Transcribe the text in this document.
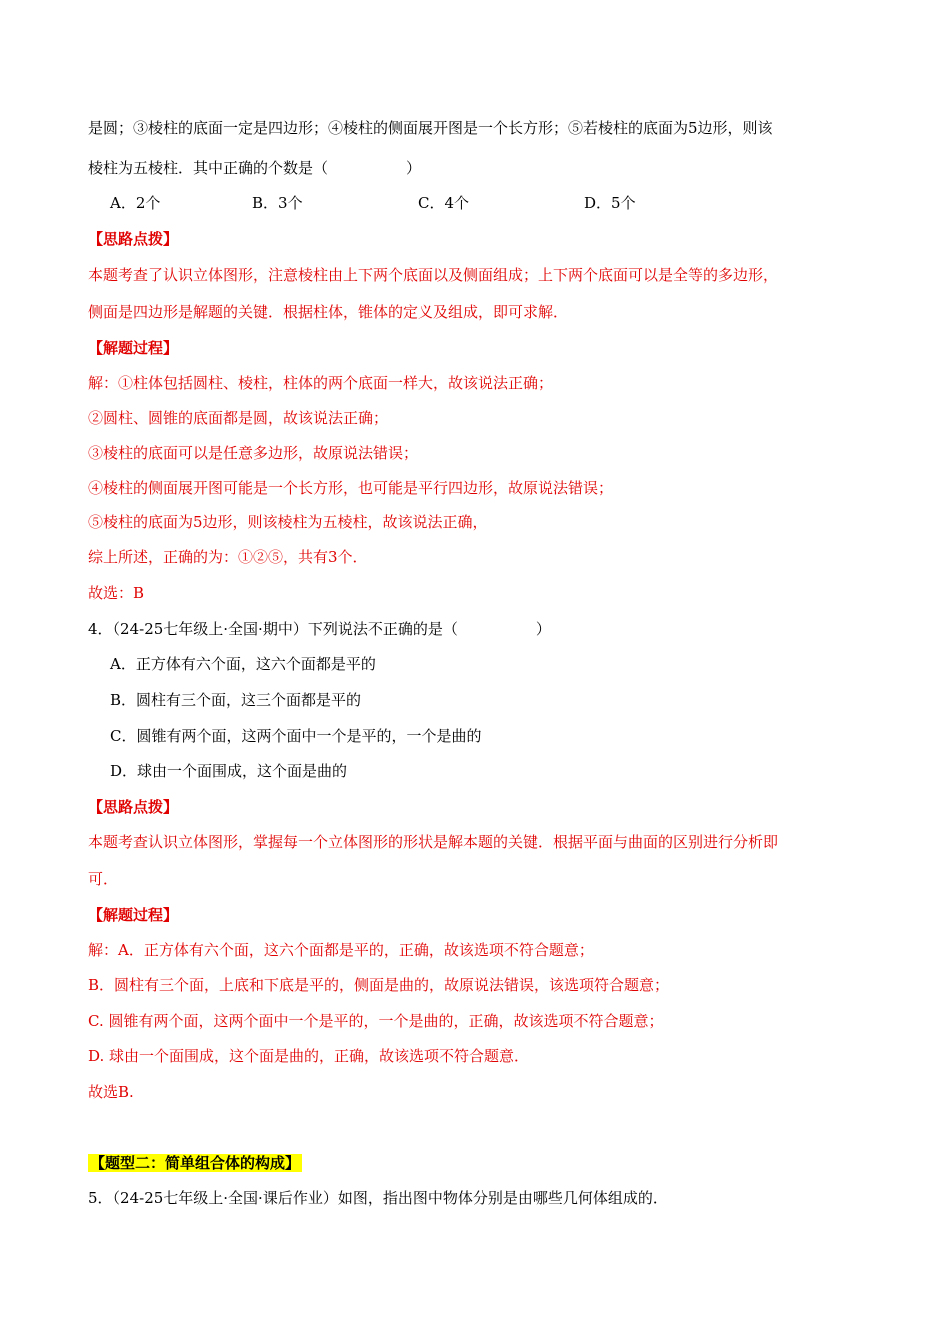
是圆；③棱柱的底面一定是四边形；④棱柱的侧面展开图是一个长方形；⑤若棱柱的底面为5边形，则该
棱柱为五棱柱．其中正确的个数是（	）
A．2个	B．3个	C．4个	D．5个
【思路点拨】
本题考查了认识立体图形，注意棱柱由上下两个底面以及侧面组成；上下两个底面可以是全等的多边形，
侧面是四边形是解题的关键．根据柱体，锥体的定义及组成，即可求解．
【解题过程】
解：①柱体包括圆柱、棱柱，柱体的两个底面一样大，故该说法正确；
②圆柱、圆锥的底面都是圆，故该说法正确；
③棱柱的底面可以是任意多边形，故原说法错误；
④棱柱的侧面展开图可能是一个长方形，也可能是平行四边形，故原说法错误；
⑤棱柱的底面为5边形，则该棱柱为五棱柱，故该说法正确，
综上所述，正确的为：①②⑤，共有3个．
故选：B
4．（24-25七年级上·全国·期中）下列说法不正确的是（	）
A．正方体有六个面，这六个面都是平的
B．圆柱有三个面，这三个面都是平的
C．圆锥有两个面，这两个面中一个是平的，一个是曲的
D．球由一个面围成，这个面是曲的
【思路点拨】
本题考查认识立体图形，掌握每一个立体图形的形状是解本题的关键．根据平面与曲面的区别进行分析即
可．
【解题过程】
解：A．正方体有六个面，这六个面都是平的，正确，故该选项不符合题意；
B．圆柱有三个面，上底和下底是平的，侧面是曲的，故原说法错误，该选项符合题意；
C. 圆锥有两个面，这两个面中一个是平的，一个是曲的，正确，故该选项不符合题意；
D. 球由一个面围成，这个面是曲的，正确，故该选项不符合题意．
故选B.
【题型二：简单组合体的构成】
5．（24-25七年级上·全国·课后作业）如图，指出图中物体分别是由哪些几何体组成的．
